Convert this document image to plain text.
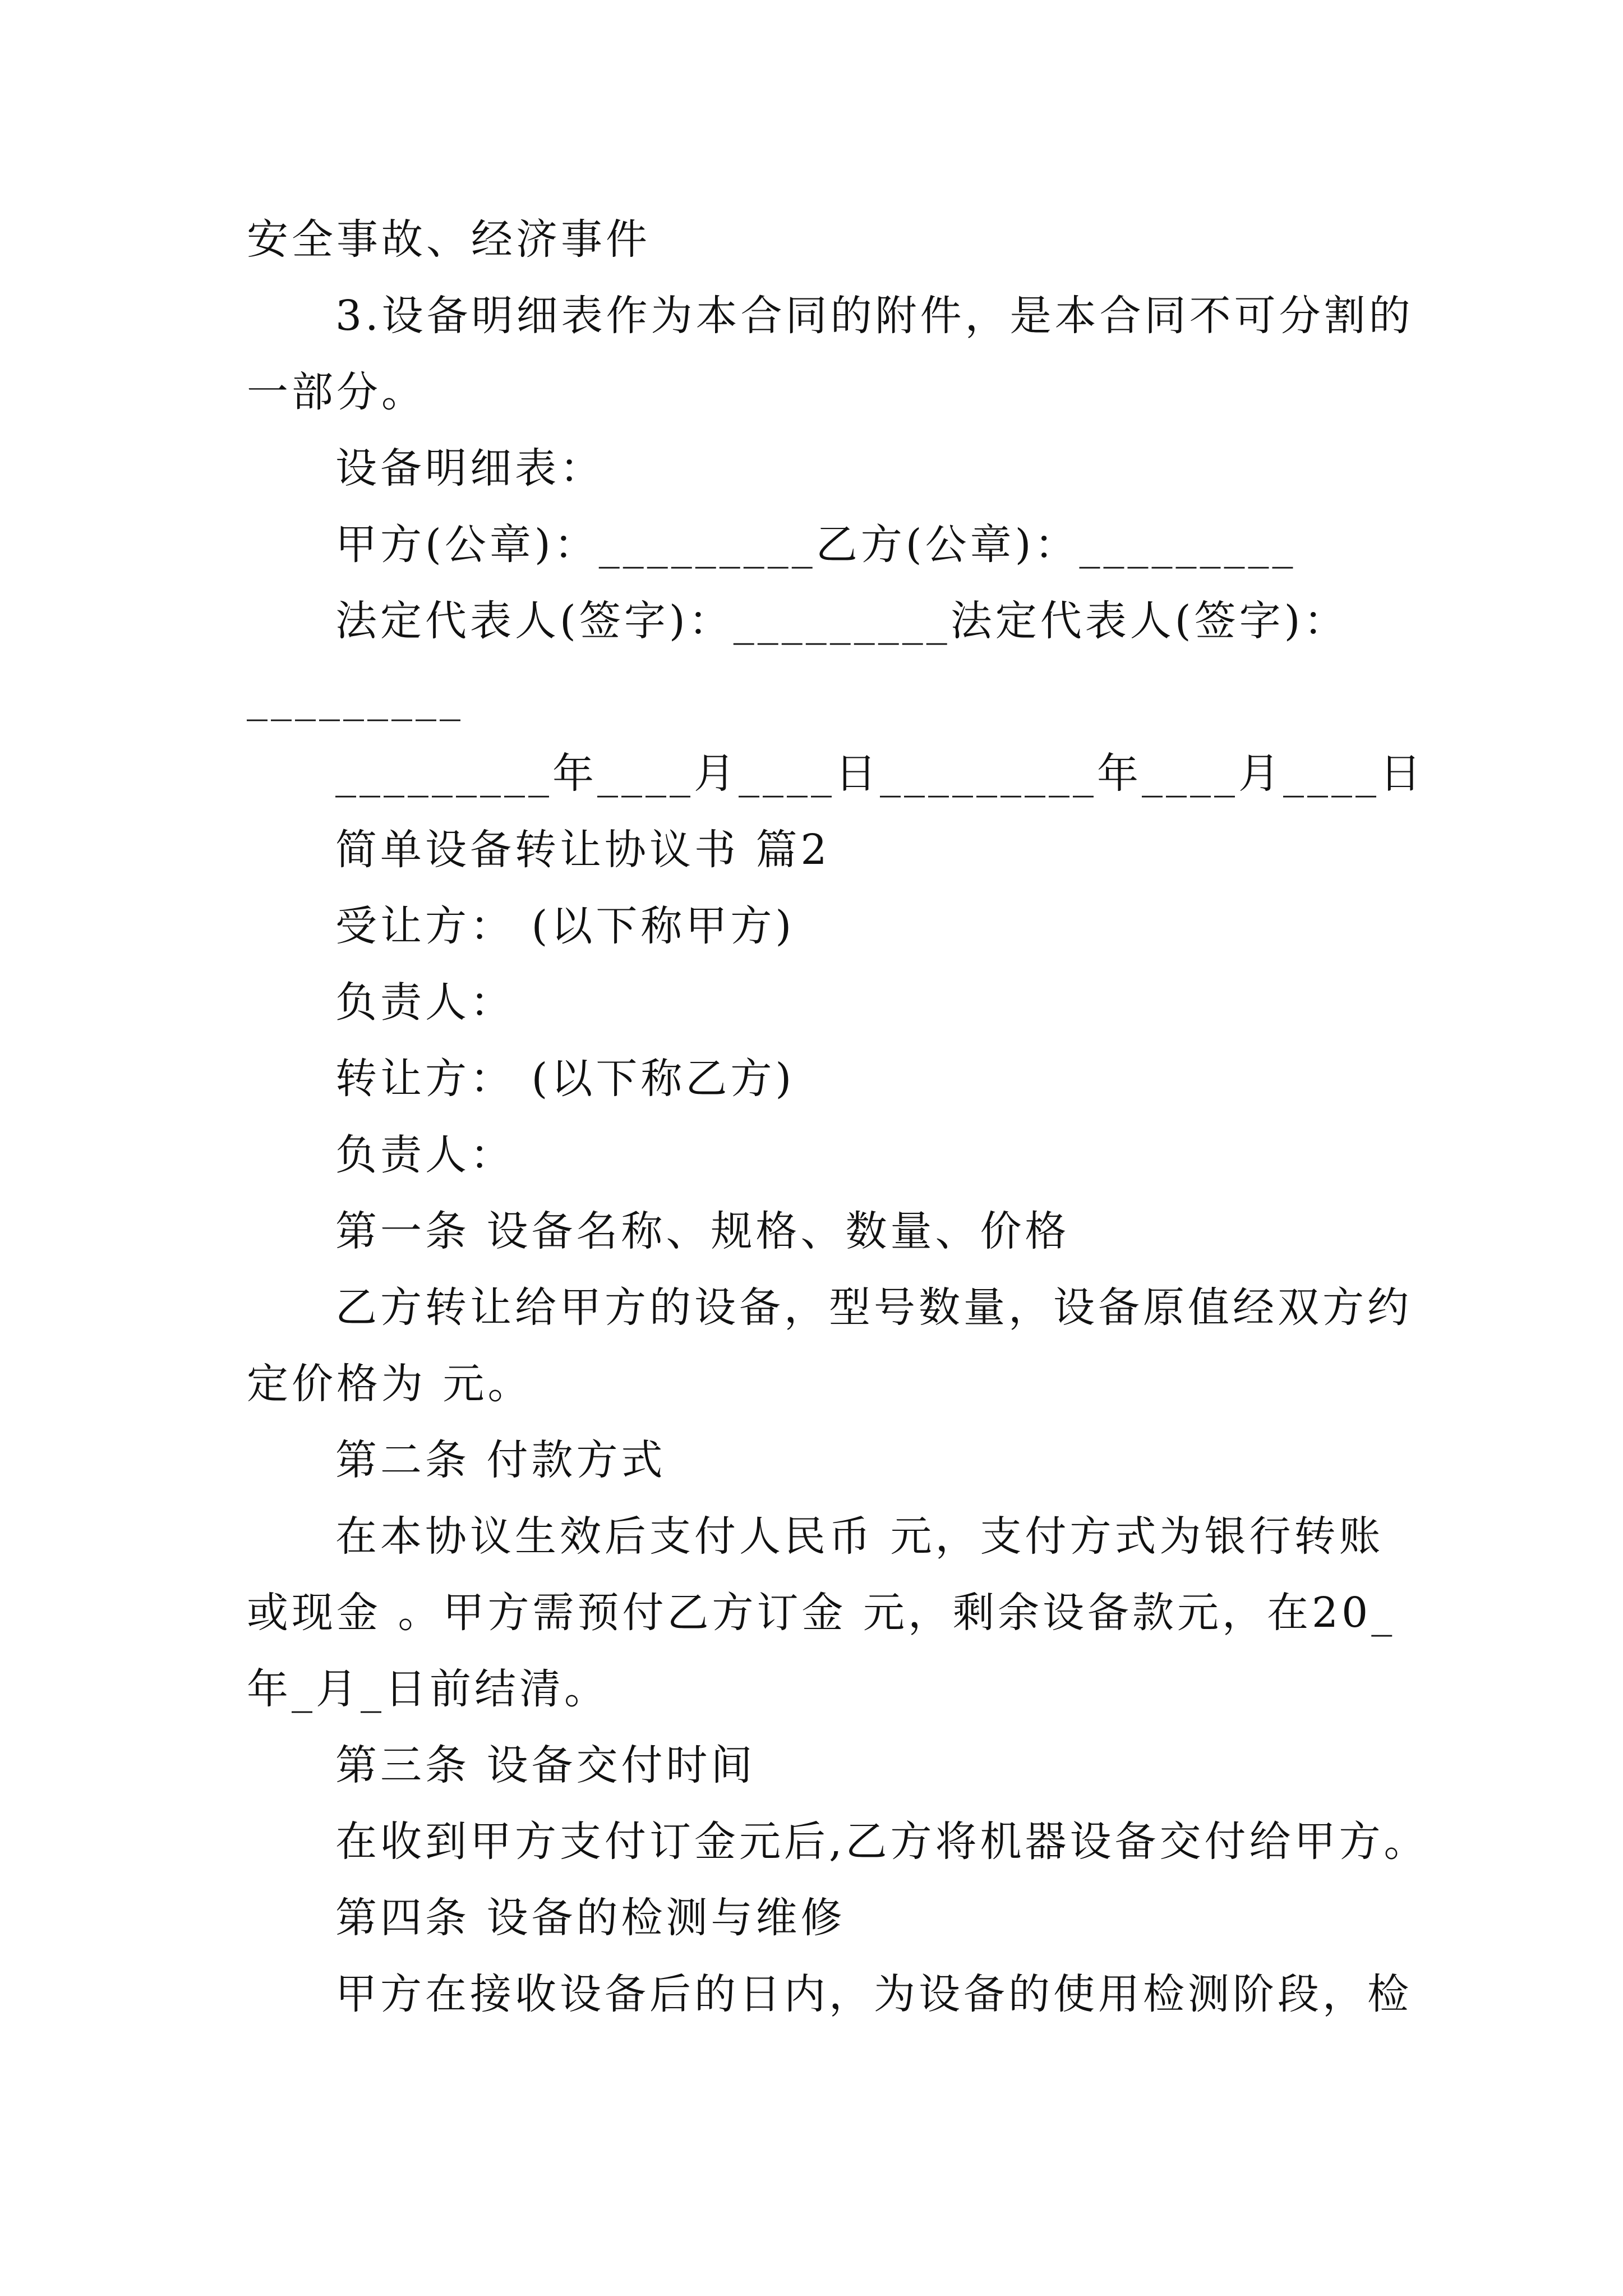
安全事故、经济事件
3.设备明细表作为本合同的附件，是本合同不可分割的
一部分。
设备明细表：
甲方(公章)：_________乙方(公章)：_________
法定代表人(签字)：_________法定代表人(签字)：
_________
_________年____月____日_________年____月____日
简单设备转让协议书 篇2
受让方： (以下称甲方)
负责人：
转让方： (以下称乙方)
负责人：
第一条 设备名称、规格、数量、价格
乙方转让给甲方的设备，型号数量，设备原值经双方约
定价格为 元。
第二条 付款方式
在本协议生效后支付人民币 元，支付方式为银行转账
或现金 。甲方需预付乙方订金 元，剩余设备款元，在20_
年_月_日前结清。
第三条 设备交付时间
在收到甲方支付订金元后,乙方将机器设备交付给甲方。
第四条 设备的检测与维修
甲方在接收设备后的日内，为设备的使用检测阶段，检
